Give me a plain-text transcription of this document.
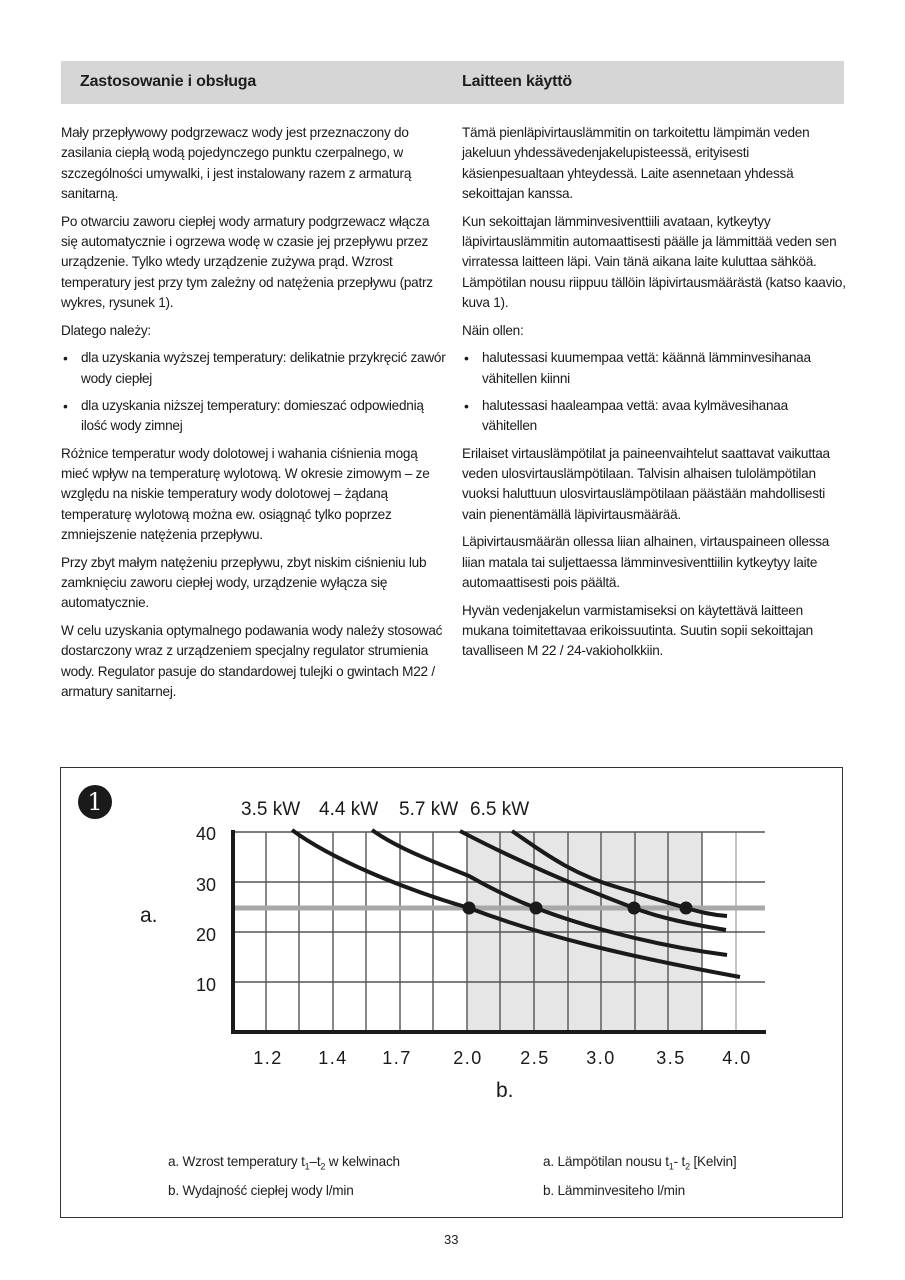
Zastosowanie i obsługa	Laitteen käyttö

Mały przepływowy podgrzewacz wody jest przeznaczony do zasilania ciepłą wodą pojedynczego punktu czerpalnego, w szczególności umywalki, i jest instalowany razem z armaturą sanitarną.

Po otwarciu zaworu ciepłej wody armatury podgrzewacz włącza się automatycznie i ogrzewa wodę w czasie jej przepływu przez urządzenie. Tylko wtedy urządzenie zużywa prąd. Wzrost temperatury jest przy tym zależny od natężenia przepływu (patrz wykres, rysunek 1).

Dlatego należy:

• dla uzyskania wyższej temperatury: delikatnie przykręcić zawór wody ciepłej
• dla uzyskania niższej temperatury: domieszać odpowiednią ilość wody zimnej

Różnice temperatur wody dolotowej i wahania ciśnienia mogą mieć wpływ na temperaturę wylotową. W okresie zimowym – ze względu na niskie temperatury wody dolotowej – żądaną temperaturę wylotową można ew. osiągnąć tylko poprzez zmniejszenie natężenia przepływu.

Przy zbyt małym natężeniu przepływu, zbyt niskim ciśnieniu lub zamknięciu zaworu ciepłej wody, urządzenie wyłącza się automatycznie.

W celu uzyskania optymalnego podawania wody należy stosować dostarczony wraz z urządzeniem specjalny regulator strumienia wody. Regulator pasuje do standardowej tulejki o gwintach M22 / armatury sanitarnej.

Tämä pienläpivirtauslämmitin on tarkoitettu lämpimän veden jakeluun yhdessävedenjakelupisteessä, erityisesti käsienpesualtaan yhteydessä. Laite asennetaan yhdessä sekoittajan kanssa.

Kun sekoittajan lämminvesiventtiili avataan, kytkeytyy läpivirtauslämmitin automaattisesti päälle ja lämmittää veden sen virratessa laitteen läpi. Vain tänä aikana laite kuluttaa sähköä. Lämpötilan nousu riippuu tällöin läpivirtausmäärästä (katso kaavio, kuva 1).

Näin ollen:

• halutessasi kuumempaa vettä: käännä lämminvesihanaa vähitellen kiinni
• halutessasi haaleampaa vettä: avaa kylmävesihanaa vähitellen

Erilaiset virtauslämpötilat ja paineenvaihtelut saattavat vaikuttaa veden ulosvirtauslämpötilaan. Talvisin alhaisen tulolämpötilan vuoksi haluttuun ulosvirtauslämpötilaan päästään mahdollisesti vain pienentämällä läpivirtausmäärää.

Läpivirtausmäärän ollessa liian alhainen, virtauspaineen ollessa liian matala tai suljettaessa lämminvesiventtiilin kytkeytyy laite automaattisesti pois päältä.

Hyvän vedenjakelun varmistamiseksi on käytettävä laitteen mukana toimitettavaa erikoissuutinta. Suutin sopii sekoittajan tavalliseen M 22 / 24-vakioholkkiin.

1	3.5 kW 4.4 kW 5.7 kW 6.5 kW
40
30
20
10
a.
1.2 1.4 1.7 2.0 2.5 3.0 3.5 4.0
b.
a. Wzrost temperatury $t_1-t_2$ w kelwinach
b. Wydajność ciepłej wody l/min
a. Lämpötilan nousu $t_1-$ $t_2$ [Kelvin]
b. Lämminvesiteho l/min
33
